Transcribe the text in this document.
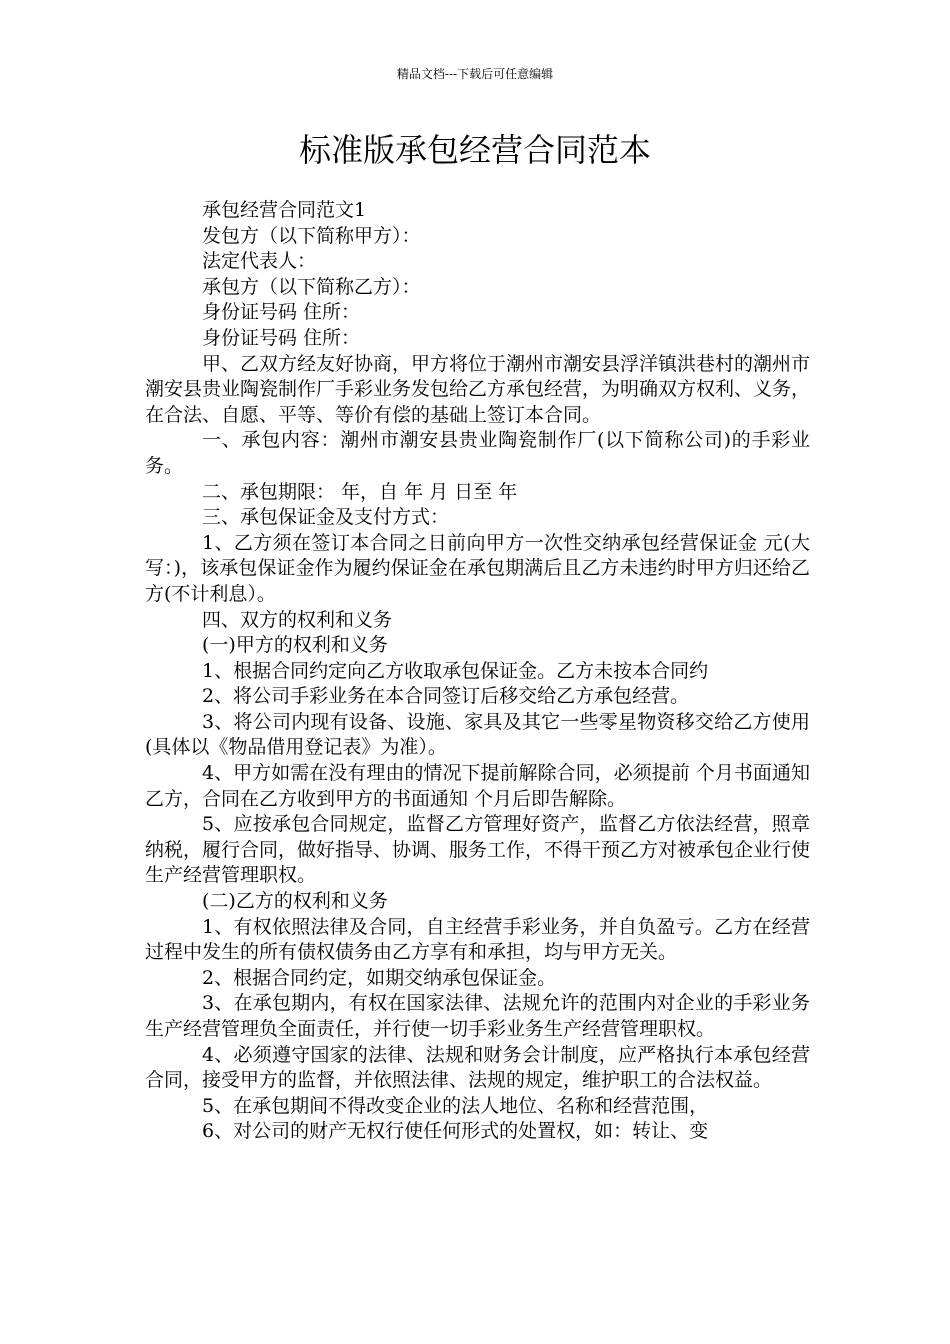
精品文档---下载后可任意编辑
标准版承包经营合同范本

承包经营合同范文1

发包方（以下简称甲方）：

法定代表人：

承包方（以下简称乙方）：

身份证号码 住所：

身份证号码 住所：

甲、乙双方经友好协商，甲方将位于潮州市潮安县浮洋镇洪巷村的潮州市潮安县贵业陶瓷制作厂手彩业务发包给乙方承包经营，为明确双方权利、义务，在合法、自愿、平等、等价有偿的基础上签订本合同。

一、承包内容：潮州市潮安县贵业陶瓷制作厂(以下简称公司)的手彩业务。

二、承包期限： 年，自 年 月 日至 年

三、承包保证金及支付方式：

1、乙方须在签订本合同之日前向甲方一次性交纳承包经营保证金 元(大写：)，该承包保证金作为履约保证金在承包期满后且乙方未违约时甲方归还给乙方(不计利息）。

四、双方的权利和义务

(一)甲方的权利和义务

1、根据合同约定向乙方收取承包保证金。乙方未按本合同约

2、将公司手彩业务在本合同签订后移交给乙方承包经营。

3、将公司内现有设备、设施、家具及其它一些零星物资移交给乙方使用(具体以《物品借用登记表》为准）。

4、甲方如需在没有理由的情况下提前解除合同，必须提前 个月书面通知乙方，合同在乙方收到甲方的书面通知 个月后即告解除。

5、应按承包合同规定，监督乙方管理好资产，监督乙方依法经营，照章纳税，履行合同，做好指导、协调、服务工作，不得干预乙方对被承包企业行使生产经营管理职权。

(二)乙方的权利和义务

1、有权依照法律及合同，自主经营手彩业务，并自负盈亏。乙方在经营过程中发生的所有债权债务由乙方享有和承担，均与甲方无关。

2、根据合同约定，如期交纳承包保证金。

3、在承包期内，有权在国家法律、法规允许的范围内对企业的手彩业务生产经营管理负全面责任，并行使一切手彩业务生产经营管理职权。

4、必须遵守国家的法律、法规和财务会计制度，应严格执行本承包经营合同，接受甲方的监督，并依照法律、法规的规定，维护职工的合法权益。

5、在承包期间不得改变企业的法人地位、名称和经营范围，

6、对公司的财产无权行使任何形式的处置权，如：转让、变
